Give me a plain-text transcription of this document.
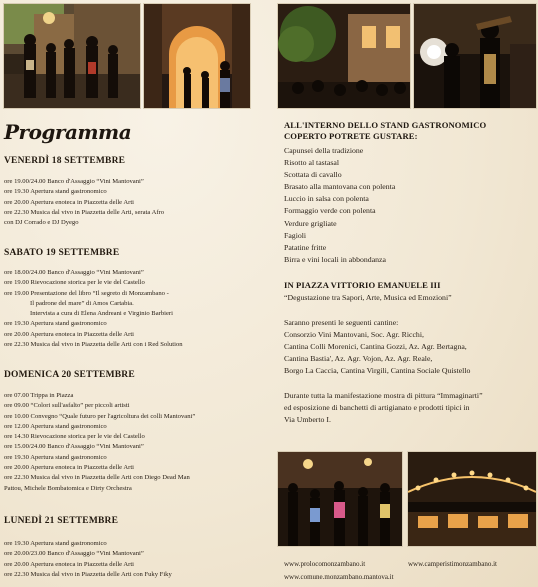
Programma
VENERDÌ 18 SETTEMBRE
ore 19.00/24.00 Banco d'Assaggio “Vini Mantovani”
ore 19.30 Apertura stand gastronomico
ore 20.00 Apertura enoteca in Piazzetta delle Arti
ore 22.30 Musica dal vivo in Piazzetta delle Arti, serata Afro
con DJ Corrado e DJ Dyego
SABATO 19 SETTEMBRE
ore 18.00/24.00 Banco d'Assaggio “Vini Mantovani”
ore 19.00 Rievocazione storica per le vie del Castello
ore 19.00 Presentazione del libro “Il segreto di Monzambano -
Il padrone del mare” di Amos Cartabia.
Intervista a cura di Elena Andreani e Virginio Barbieri
ore 19.30 Apertura stand gastronomico
ore 20.00 Apertura enoteca in Piazzetta delle Arti
ore 22.30 Musica dal vivo in Piazzetta delle Arti con i Red Solution
DOMENICA 20 SETTEMBRE
ore 07.00 Trippa in Piazza
ore 09.00 “Colori sull'asfalto” per piccoli artisti
ore 10.00 Convegno “Quale futuro per l'agricoltura dei colli Mantovani”
ore 12.00 Apertura stand gastronomico
ore 14.30 Rievocazione storica per le vie del Castello
ore 15.00/24.00 Banco d'Assaggio “Vini Mantovani”
ore 19.30 Apertura stand gastronomico
ore 20.00 Apertura enoteca in Piazzetta delle Arti
ore 22.30 Musica dal vivo in Piazzetta delle Arti con Diego Dead Man
Pattou, Michele Bombatomica e Dirty Orchestra
LUNEDÌ 21 SETTEMBRE
ore 19.30 Apertura stand gastronomico
ore 20.00/23.00 Banco d'Assaggio “Vini Mantovani”
ore 20.00 Apertura enoteca in Piazzetta delle Arti
ore 22.30 Musica dal vivo in Piazzetta delle Arti con Fuky Fiky
ALL'INTERNO DELLO STAND GASTRONOMICO
COPERTO POTRETE GUSTARE:
Capunsei della tradizione
Risotto al tastasal
Scottata di cavallo
Brasato alla mantovana con polenta
Luccio in salsa con polenta
Formaggio verde con polenta
Verdure grigliate
Fagioli
Patatine fritte
Birra e vini locali in abbondanza
IN PIAZZA VITTORIO EMANUELE III
“Degustazione tra Sapori, Arte, Musica ed Emozioni”
Saranno presenti le seguenti cantine:
Consorzio Vini Mantovani, Soc. Agr. Ricchi,
Cantina Colli Morenici, Cantina Gozzi, Az. Agr. Bertagna,
Cantina Bastia', Az. Agr. Vojon, Az. Agr. Reale,
Borgo La Caccia, Cantina Virgili, Cantina Sociale Quistello
Durante tutta la manifestazione mostra di pittura “Immaginarti”
ed esposizione di banchetti di artigianato e prodotti tipici in
Via Umberto I.
www.prolocomonzambano.it	www.camperistimonzambano.it
www.comune.monzambano.mantova.it
